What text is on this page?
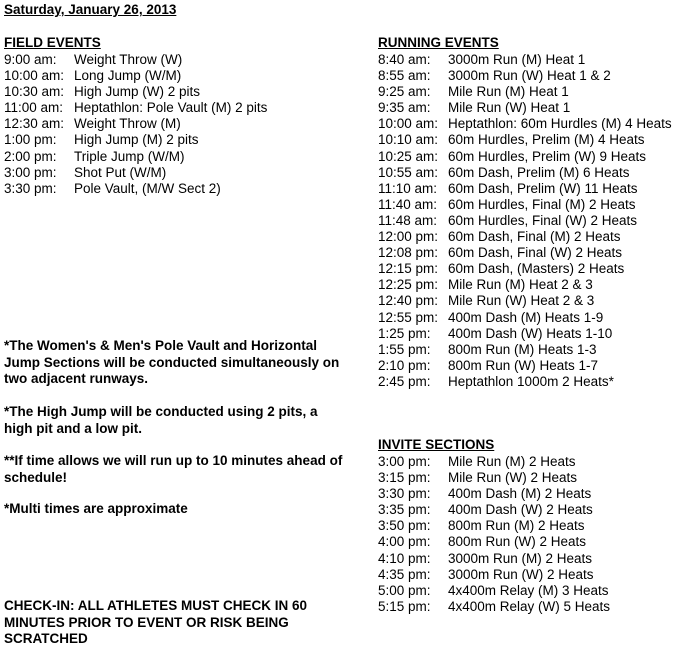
Saturday, January 26, 2013
FIELD EVENTS
9:00 am:	Weight Throw (W)
10:00 am: Long Jump (W/M)
10:30 am: High Jump (W) 2 pits
11:00 am: Heptathlon: Pole Vault (M) 2 pits
12:30 am: Weight Throw (M)
1:00 pm:	High Jump (M) 2 pits
2:00 pm:	Triple Jump (W/M)
3:00 pm:	Shot Put (W/M)
3:30 pm:	Pole Vault, (M/W Sect 2)
RUNNING EVENTS
8:40 am:	3000m Run (M) Heat 1
8:55 am:	3000m Run (W) Heat 1 & 2
9:25 am:	Mile Run (M) Heat 1
9:35 am:	Mile Run (W) Heat 1
10:00 am: Heptathlon: 60m Hurdles (M) 4 Heats
10:10 am: 60m Hurdles, Prelim (M) 4 Heats
10:25 am: 60m Hurdles, Prelim (W) 9 Heats
10:55 am: 60m Dash, Prelim (M) 6 Heats
11:10 am: 60m Dash, Prelim (W) 11 Heats
11:40 am: 60m Hurdles, Final (M) 2 Heats
11:48 am: 60m Hurdles, Final (W) 2 Heats
12:00 pm: 60m Dash, Final (M) 2 Heats
12:08 pm: 60m Dash, Final (W) 2 Heats
12:15 pm: 60m Dash, (Masters) 2 Heats
12:25 pm: Mile Run (M) Heat 2 & 3
12:40 pm: Mile Run (W) Heat 2 & 3
12:55 pm: 400m Dash (M) Heats 1-9
1:25 pm:	400m Dash (W) Heats 1-10
1:55 pm:	800m Run (M) Heats 1-3
2:10 pm:	800m Run (W) Heats 1-7
2:45 pm:	Heptathlon 1000m 2 Heats*
INVITE SECTIONS
3:00 pm:	Mile Run (M) 2 Heats
3:15 pm:	Mile Run (W) 2 Heats
3:30 pm:	400m Dash (M) 2 Heats
3:35 pm:	400m Dash (W) 2 Heats
3:50 pm:	800m Run (M) 2 Heats
4:00 pm:	800m Run (W) 2 Heats
4:10 pm:	3000m Run (M) 2 Heats
4:35 pm:	3000m Run (W) 2 Heats
5:00 pm:	4x400m Relay (M) 3 Heats
5:15 pm:	4x400m Relay (W) 5 Heats
*The Women's & Men's Pole Vault and Horizontal Jump Sections will be conducted simultaneously on two adjacent runways.
*The High Jump will be conducted using 2 pits, a high pit and a low pit.
**If time allows we will run up to 10 minutes ahead of schedule!
*Multi times are approximate
CHECK-IN: ALL ATHLETES MUST CHECK IN 60 MINUTES PRIOR TO EVENT OR RISK BEING SCRATCHED
